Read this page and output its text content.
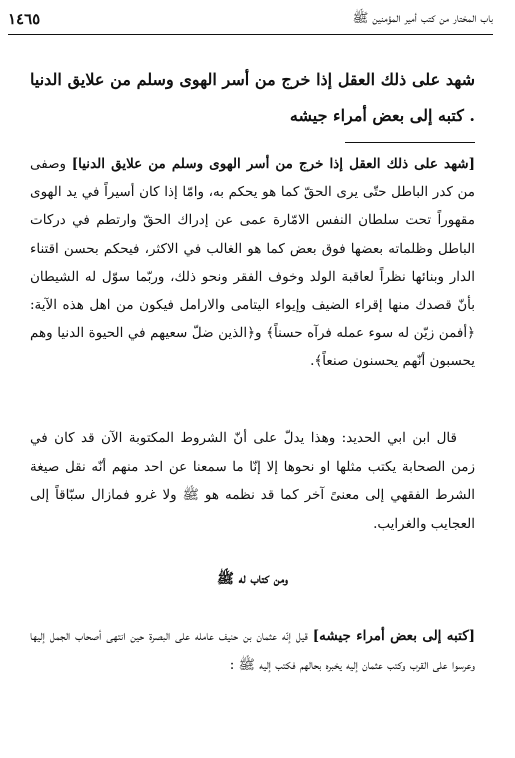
باب المختار من كتب أمير المؤمنين ﷺ
١٤٦٥
شهد على ذلك العقل إذا خرج من أسر الهوى وسلم من علايق الدنيا . كتبه إلى بعض أمراء جيشه

[شهد على ذلك العقل إذا خرج من أسر الهوى وسلم من علايق الدنيا] وصفى من كدر الباطل حتّى يرى الحقّ كما هو يحكم به، وامّا إذا كان أسيراً في يد الهوى مقهوراً تحت سلطان النفس الامّارة عمى عن إدراك الحقّ وارتطم في دركات الباطل وظلماته بعضها فوق بعض كما هو الغالب في الاكثر، فيحكم بحسن اقتناء الدار وبنائها نظراً لعاقبة الولد وخوف الفقر ونحو ذلك، وربّما سوّل له الشيطان بأنّ قصدك منها إقراء الضيف وإيواء اليتامى والارامل فيكون من اهل هذه الآية: ﴿أفمن زيّن له سوء عمله فرآه حسناً﴾ و﴿الذين ضلّ سعيهم في الحيوة الدنيا وهم يحسبون أنّهم يحسنون صنعاً﴾.

قال ابن ابي الحديد: وهذا يدلّ على أنّ الشروط المكتوبة الآن قد كان في زمن الصحابة يكتب مثلها او نحوها إلا إنّا ما سمعنا عن احد منهم أنّه نقل صيغة الشرط الفقهي إلى معنىً آخر كما قد نظمه هو ﷺ ولا غرو فمازال سبّاقاً إلى العجايب والغرايب.

ومن كتاب له ﷺ

[كتبه إلى بعض أمراء جيشه] قيل إنّه عثمان بن حنيف عامله على البصرة حين انتهى أصحاب الجمل إليها وعرسوا على القرب وكتب عثمان إليه يخبره بحالهم فكتب إليه ﷺ :
